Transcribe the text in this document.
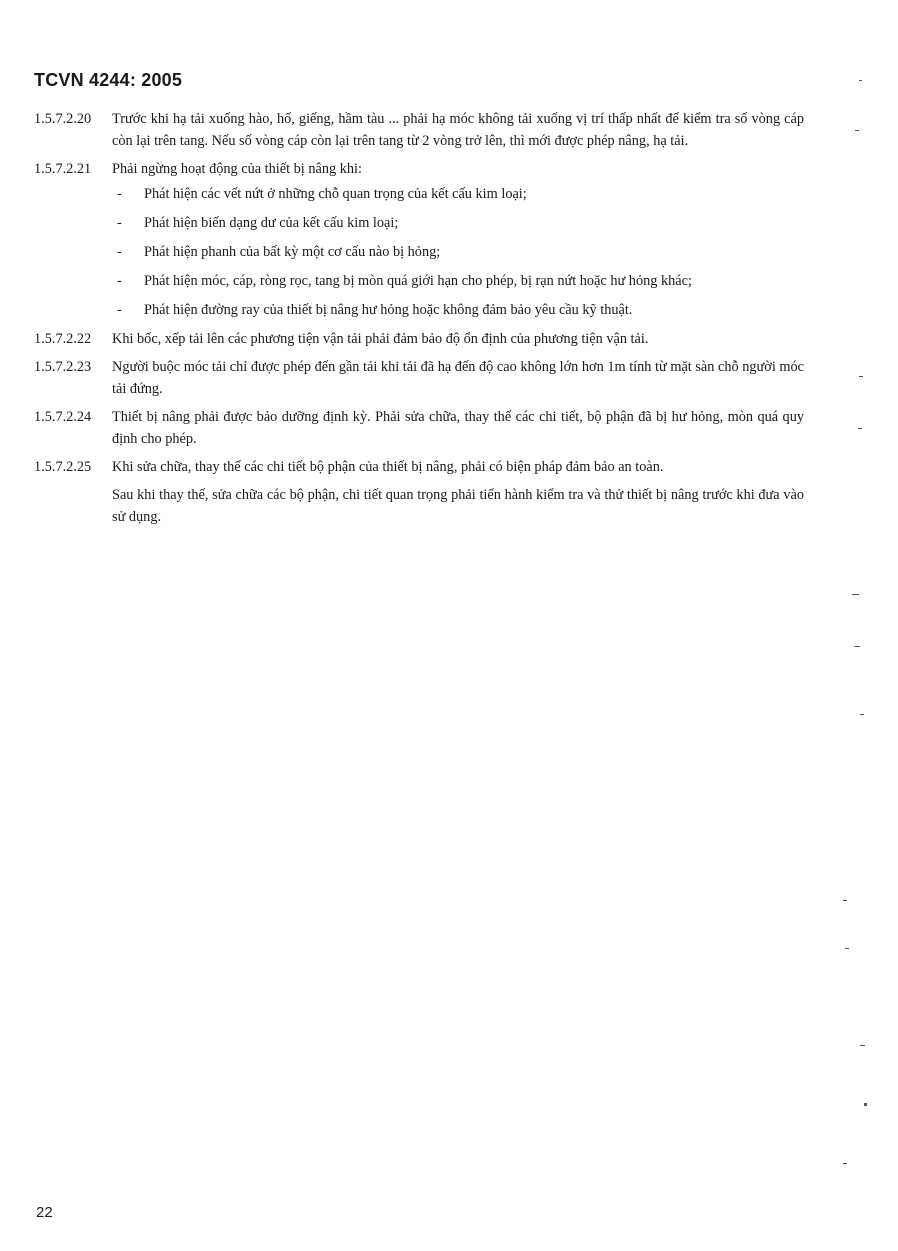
TCVN 4244: 2005
1.5.7.2.20 Trước khi hạ tải xuống hào, hố, giếng, hầm tàu ... phải hạ móc không tải xuống vị trí thấp nhất để kiểm tra số vòng cáp còn lại trên tang. Nếu số vòng cáp còn lại trên tang từ 2 vòng trở lên, thì mới được phép nâng, hạ tải.

1.5.7.2.21 Phải ngừng hoạt động của thiết bị nâng khi:

- Phát hiện các vết nứt ở những chỗ quan trọng của kết cấu kim loại;
- Phát hiện biến dạng dư của kết cấu kim loại;
- Phát hiện phanh của bất kỳ một cơ cấu nào bị hỏng;
- Phát hiện móc, cáp, ròng rọc, tang bị mòn quá giới hạn cho phép, bị rạn nứt hoặc hư hỏng khác;
- Phát hiện đường ray của thiết bị nâng hư hỏng hoặc không đảm bảo yêu cầu kỹ thuật.
1.5.7.2.22 Khi bốc, xếp tải lên các phương tiện vận tải phải đảm bảo độ ổn định của phương tiện vận tải.

1.5.7.2.23 Người buộc móc tải chỉ được phép đến gần tải khi tải đã hạ đến độ cao không lớn hơn 1m tính từ mặt sàn chỗ người móc tải đứng.

1.5.7.2.24 Thiết bị nâng phải được bảo dưỡng định kỳ. Phải sửa chữa, thay thế các chi tiết, bộ phận đã bị hư hỏng, mòn quá quy định cho phép.

1.5.7.2.25 Khi sửa chữa, thay thế các chi tiết bộ phận của thiết bị nâng, phải có biện pháp đảm bảo an toàn.

Sau khi thay thế, sửa chữa các bộ phận, chi tiết quan trọng phải tiến hành kiểm tra và thử thiết bị nâng trước khi đưa vào sử dụng.

22
